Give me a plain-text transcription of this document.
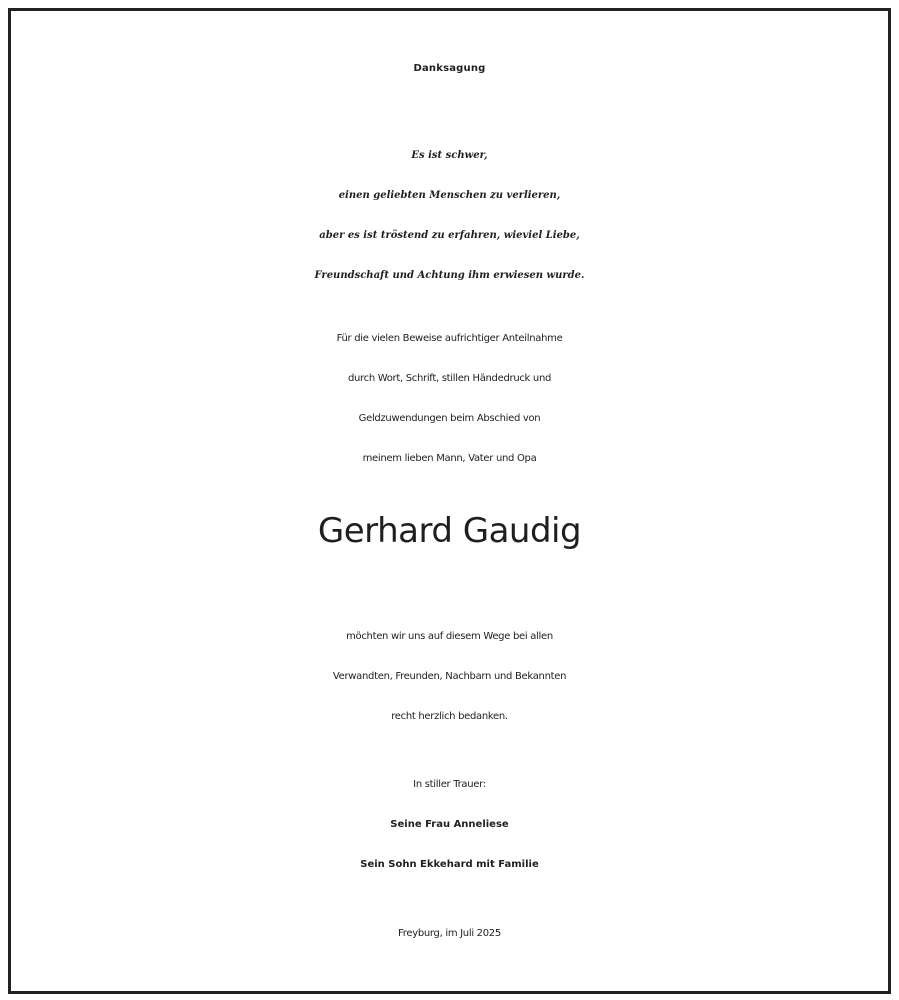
Danksagung
Es ist schwer,
einen geliebten Menschen zu verlieren,
aber es ist tröstend zu erfahren, wieviel Liebe,
Freundschaft und Achtung ihm erwiesen wurde.
Für die vielen Beweise aufrichtiger Anteilnahme
durch Wort, Schrift, stillen Händedruck und
Geldzuwendungen beim Abschied von
meinem lieben Mann, Vater und Opa
Gerhard Gaudig
möchten wir uns auf diesem Wege bei allen
Verwandten, Freunden, Nachbarn und Bekannten
recht herzlich bedanken.
In stiller Trauer:
Seine Frau Anneliese
Sein Sohn Ekkehard mit Familie
Freyburg, im Juli 2025
